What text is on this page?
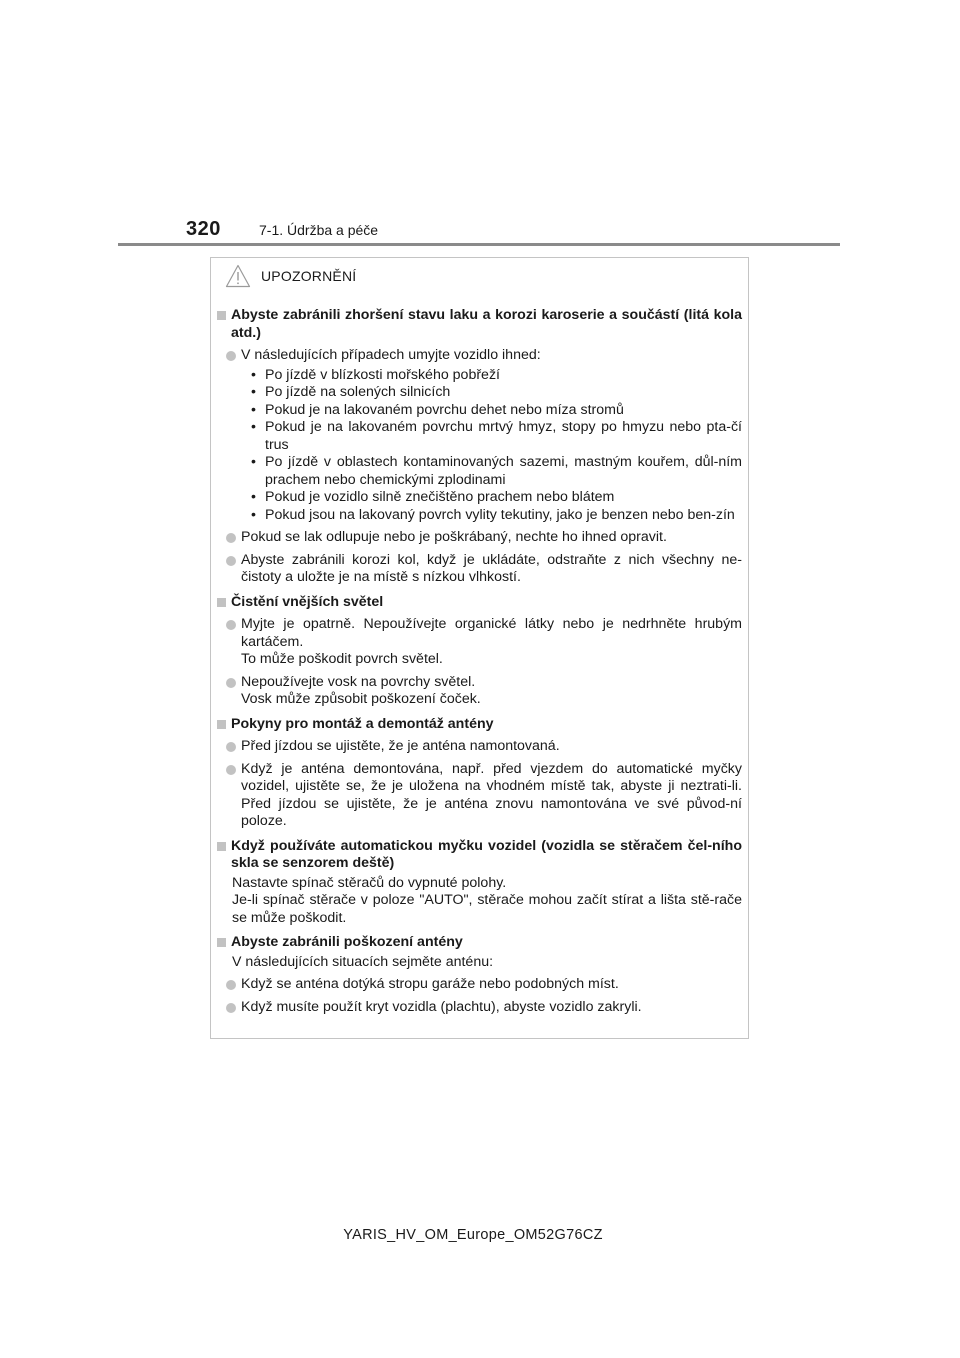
320	7-1. Údržba a péče
UPOZORNĚNÍ
Abyste zabránili zhoršení stavu laku a korozi karoserie a součástí (litá kola atd.)
V následujících případech umyjte vozidlo ihned:
• Po jízdě v blízkosti mořského pobřeží
• Po jízdě na solených silnicích
• Pokud je na lakovaném povrchu dehet nebo míza stromů
• Pokud je na lakovaném povrchu mrtvý hmyz, stopy po hmyzu nebo pta-čí trus
• Po jízdě v oblastech kontaminovaných sazemi, mastným kouřem, důl-ním prachem nebo chemickými zplodinami
• Pokud je vozidlo silně znečištěno prachem nebo blátem
• Pokud jsou na lakovaný povrch vylity tekutiny, jako je benzen nebo ben-zín
Pokud se lak odlupuje nebo je poškrábaný, nechte ho ihned opravit.
Abyste zabránili korozi kol, když je ukládáte, odstraňte z nich všechny ne-čistoty a uložte je na místě s nízkou vlhkostí.
Čistění vnějších světel
Myjte je opatrně. Nepoužívejte organické látky nebo je nedrhněte hrubým kartáčem.
To může poškodit povrch světel.
Nepoužívejte vosk na povrchy světel.
Vosk může způsobit poškození čoček.
Pokyny pro montáž a demontáž antény
Před jízdou se ujistěte, že je anténa namontovaná.
Když je anténa demontována, např. před vjezdem do automatické myčky vozidel, ujistěte se, že je uložena na vhodném místě tak, abyste ji neztrati-li. Před jízdou se ujistěte, že je anténa znovu namontována ve své původ-ní poloze.
Když používáte automatickou myčku vozidel (vozidla se stěračem čel-ního skla se senzorem deště)
Nastavte spínač stěračů do vypnuté polohy.
Je-li spínač stěrače v poloze "AUTO", stěrače mohou začít stírat a lišta stě-rače se může poškodit.
Abyste zabránili poškození antény
V následujících situacích sejměte anténu:
Když se anténa dotýká stropu garáže nebo podobných míst.
Když musíte použít kryt vozidla (plachtu), abyste vozidlo zakryli.
YARIS_HV_OM_Europe_OM52G76CZ
